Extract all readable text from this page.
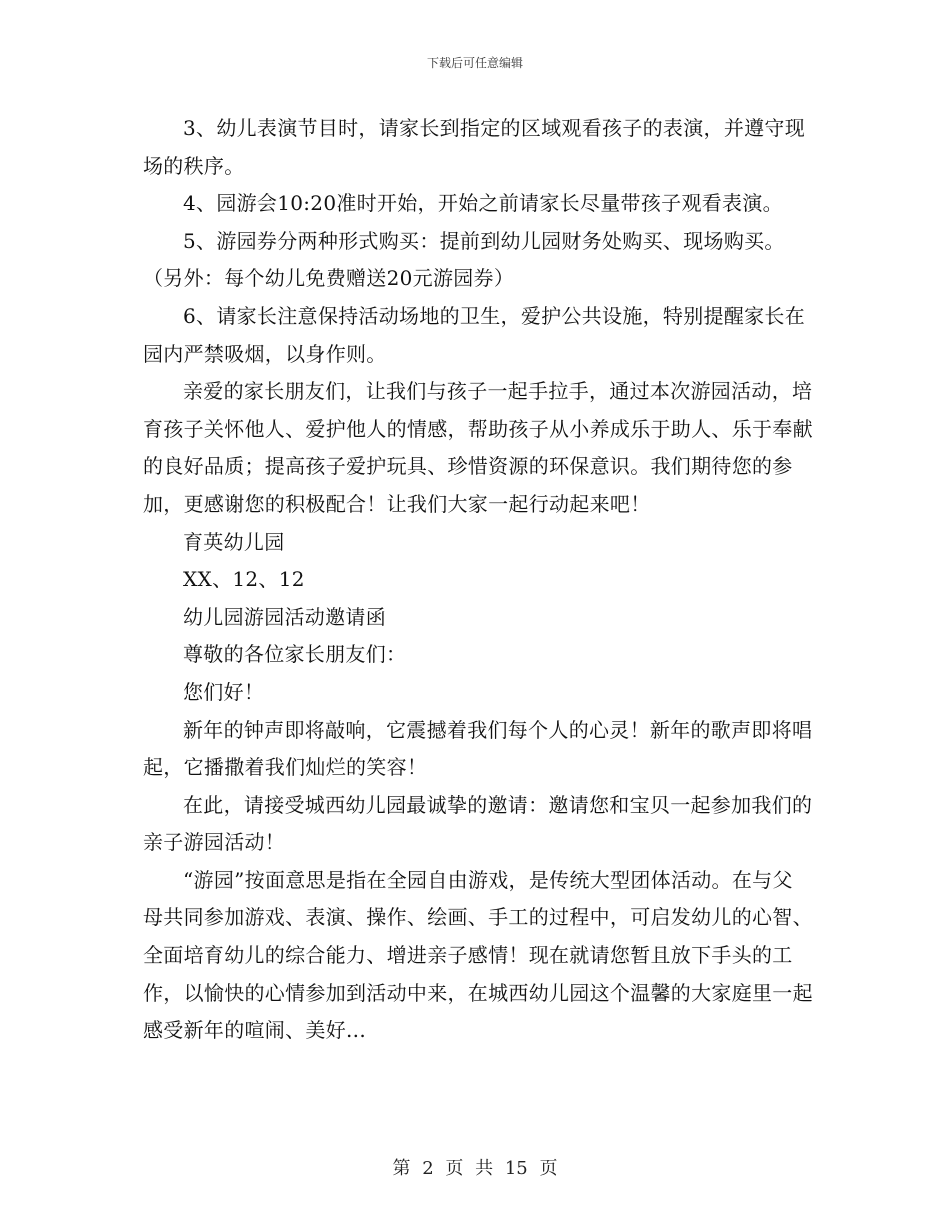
下载后可任意编辑

3、幼儿表演节目时，请家长到指定的区域观看孩子的表演，并遵守现场的秩序。

4、园游会10:20准时开始，开始之前请家长尽量带孩子观看表演。

5、游园券分两种形式购买：提前到幼儿园财务处购买、现场购买。

（另外：每个幼儿免费赠送20元游园券）

6、请家长注意保持活动场地的卫生，爱护公共设施，特别提醒家长在园内严禁吸烟，以身作则。

亲爱的家长朋友们，让我们与孩子一起手拉手，通过本次游园活动，培育孩子关怀他人、爱护他人的情感，帮助孩子从小养成乐于助人、乐于奉献的良好品质；提高孩子爱护玩具、珍惜资源的环保意识。我们期待您的参加，更感谢您的积极配合！让我们大家一起行动起来吧！

育英幼儿园

XX、12、12

幼儿园游园活动邀请函

尊敬的各位家长朋友们：

您们好！

新年的钟声即将敲响，它震撼着我们每个人的心灵！新年的歌声即将唱起，它播撒着我们灿烂的笑容！

在此，请接受城西幼儿园最诚挚的邀请：邀请您和宝贝一起参加我们的亲子游园活动！

“游园”按面意思是指在全园自由游戏，是传统大型团体活动。在与父母共同参加游戏、表演、操作、绘画、手工的过程中，可启发幼儿的心智、全面培育幼儿的综合能力、增进亲子感情！现在就请您暂且放下手头的工作，以愉快的心情参加到活动中来，在城西幼儿园这个温馨的大家庭里一起感受新年的喧闹、美好...

第 2 页 共 15 页
